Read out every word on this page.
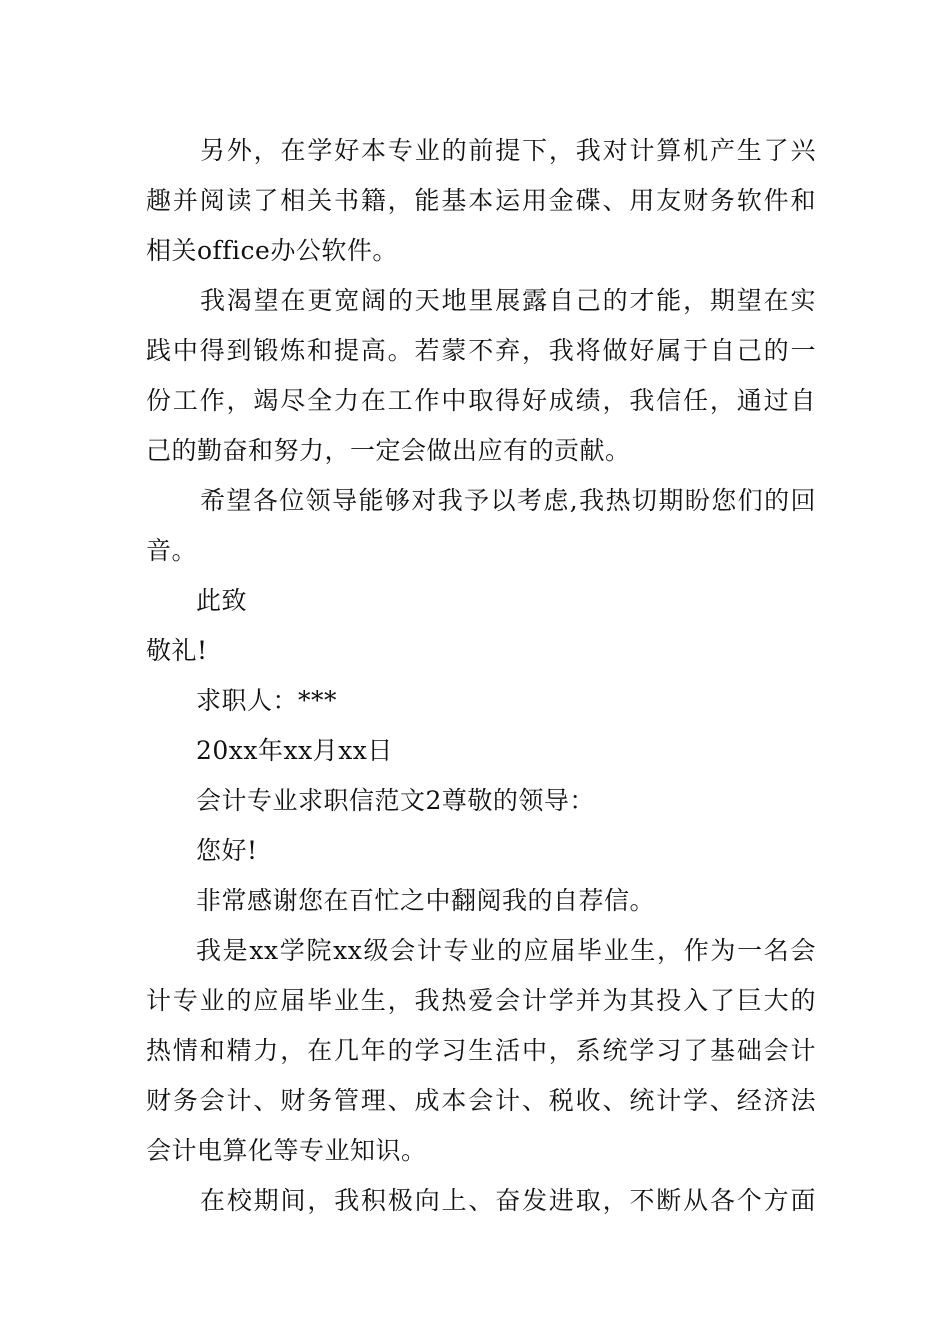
另外，在学好本专业的前提下，我对计算机产生了兴
趣并阅读了相关书籍，能基本运用金碟、用友财务软件和
相关office办公软件。
我渴望在更宽阔的天地里展露自己的才能，期望在实
践中得到锻炼和提高。若蒙不弃，我将做好属于自己的一
份工作，竭尽全力在工作中取得好成绩，我信任，通过自
己的勤奋和努力，一定会做出应有的贡献。
希望各位领导能够对我予以考虑,我热切期盼您们的回
音。
此致
敬礼!
求职人：***
20xx年xx月xx日
会计专业求职信范文2尊敬的领导：
您好!
非常感谢您在百忙之中翻阅我的自荐信。
我是xx学院xx级会计专业的应届毕业生，作为一名会
计专业的应届毕业生，我热爱会计学并为其投入了巨大的
热情和精力，在几年的学习生活中，系统学习了基础会计
财务会计、财务管理、成本会计、税收、统计学、经济法
会计电算化等专业知识。
在校期间，我积极向上、奋发进取，不断从各个方面
